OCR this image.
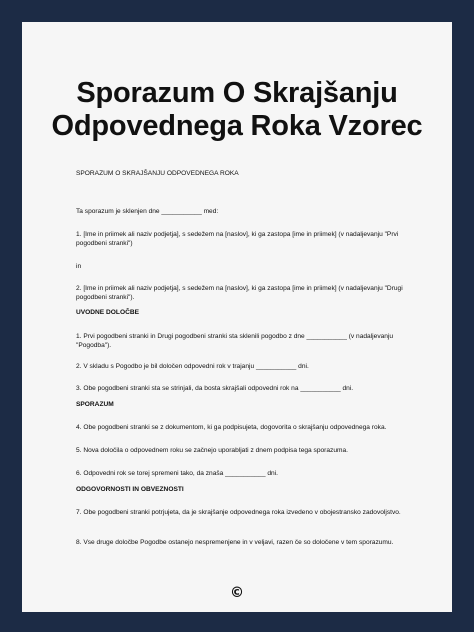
Sporazum O Skrajšanju
Odpovednega Roka Vzorec
SPORAZUM O SKRAJŠANJU ODPOVEDNEGA ROKA
Ta sporazum je sklenjen dne ___________ med:
1. [Ime in priimek ali naziv podjetja], s sedežem na [naslov], ki ga zastopa [ime in priimek] (v nadaljevanju "Prvi pogodbeni stranki")
in
2. [Ime in priimek ali naziv podjetja], s sedežem na [naslov], ki ga zastopa [ime in priimek] (v nadaljevanju "Drugi pogodbeni stranki").
UVODNE DOLOČBE
1. Prvi pogodbeni stranki in Drugi pogodbeni stranki sta sklenili pogodbo z dne ___________ (v nadaljevanju "Pogodba").
2. V skladu s Pogodbo je bil določen odpovedni rok v trajanju ___________ dni.
3. Obe pogodbeni stranki sta se strinjali, da bosta skrajšali odpovedni rok na ___________ dni.
SPORAZUM
4. Obe pogodbeni stranki se z dokumentom, ki ga podpisujeta, dogovorita o skrajšanju odpovednega roka.
5. Nova določila o odpovednem roku se začnejo uporabljati z dnem podpisa tega sporazuma.
6. Odpovedni rok se torej spremeni tako, da znaša ___________ dni.
ODGOVORNOSTI IN OBVEZNOSTI
7. Obe pogodbeni stranki potrjujeta, da je skrajšanje odpovednega roka izvedeno v obojestransko zadovoljstvo.
8. Vse druge določbe Pogodbe ostanejo nespremenjene in v veljavi, razen če so določene v tem sporazumu.
©
